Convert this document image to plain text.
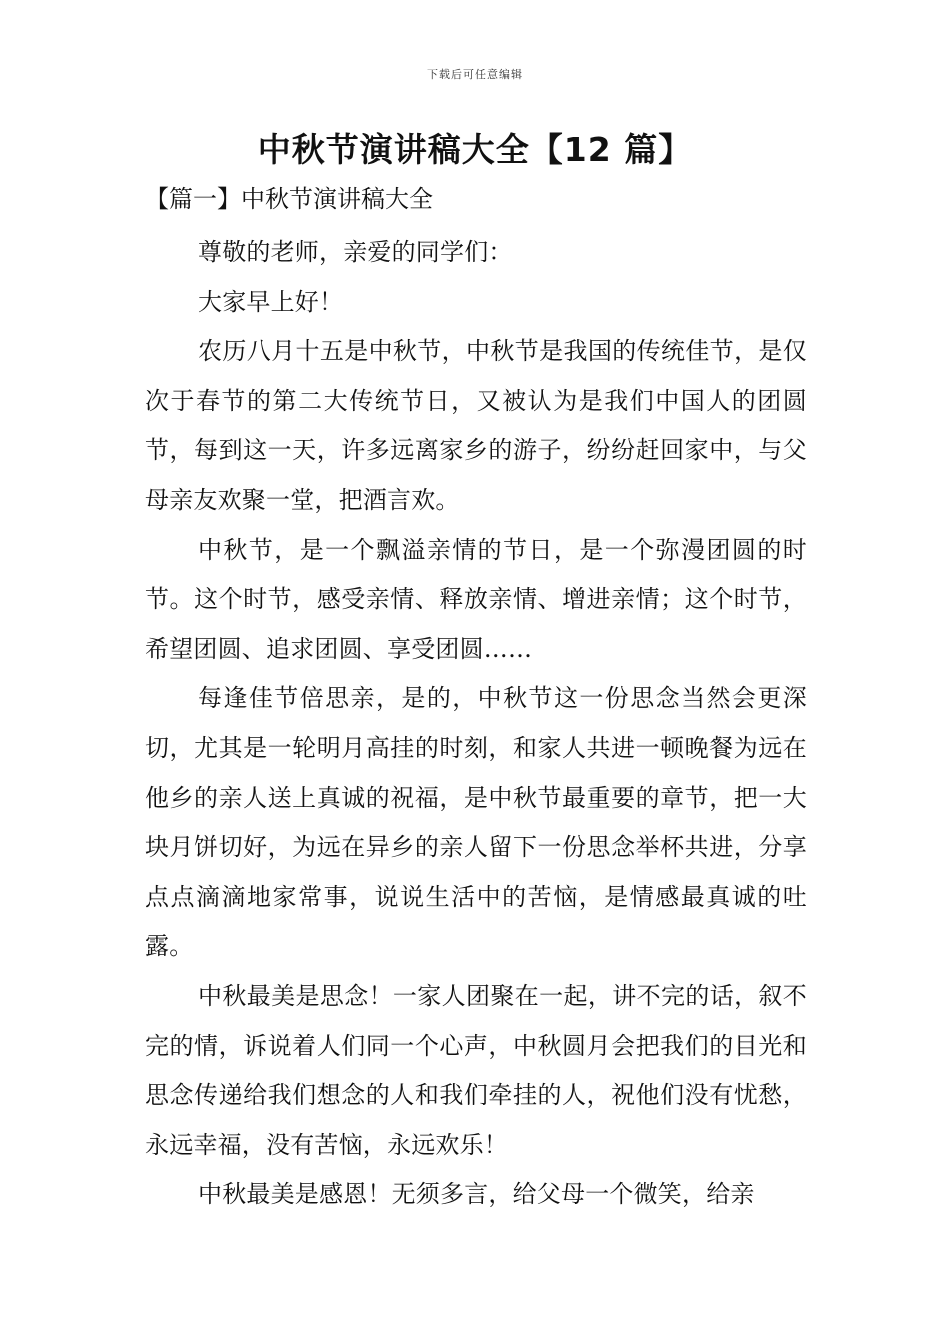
下载后可任意编辑
中秋节演讲稿大全【12 篇】
【篇一】中秋节演讲稿大全

尊敬的老师，亲爱的同学们：

大家早上好！

农历八月十五是中秋节，中秋节是我国的传统佳节，是仅次于春节的第二大传统节日，又被认为是我们中国人的团圆节，每到这一天，许多远离家乡的游子，纷纷赶回家中，与父母亲友欢聚一堂，把酒言欢。

中秋节，是一个飘溢亲情的节日，是一个弥漫团圆的时节。这个时节，感受亲情、释放亲情、增进亲情；这个时节，希望团圆、追求团圆、享受团圆……

每逢佳节倍思亲，是的，中秋节这一份思念当然会更深切，尤其是一轮明月高挂的时刻，和家人共进一顿晚餐为远在他乡的亲人送上真诚的祝福，是中秋节最重要的章节，把一大块月饼切好，为远在异乡的亲人留下一份思念举杯共进，分享点点滴滴地家常事，说说生活中的苦恼，是情感最真诚的吐露。

中秋最美是思念！一家人团聚在一起，讲不完的话，叙不完的情，诉说着人们同一个心声，中秋圆月会把我们的目光和思念传递给我们想念的人和我们牵挂的人，祝他们没有忧愁，永远幸福，没有苦恼，永远欢乐！

中秋最美是感恩！无须多言，给父母一个微笑，给亲
